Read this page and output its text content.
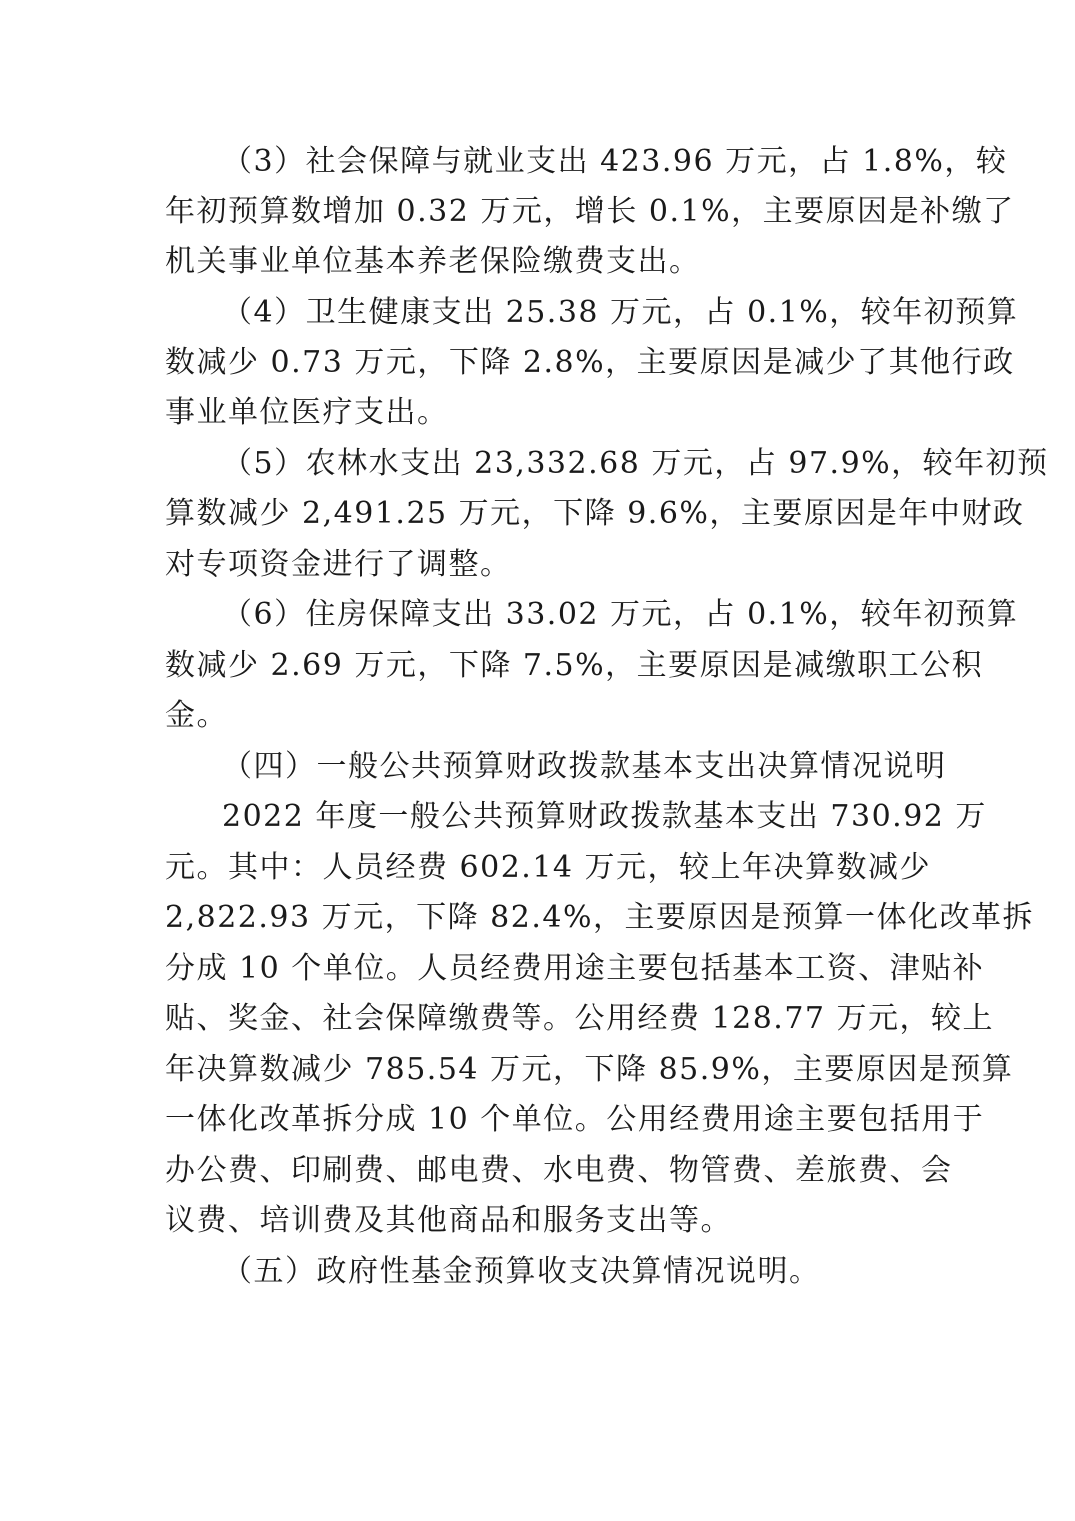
（3）社会保障与就业支出 423.96 万元，占 1.8%，较
年初预算数增加 0.32 万元，增长 0.1%，主要原因是补缴了
机关事业单位基本养老保险缴费支出。
（4）卫生健康支出 25.38 万元，占 0.1%，较年初预算
数减少 0.73 万元，下降 2.8%，主要原因是减少了其他行政
事业单位医疗支出。
（5）农林水支出 23,332.68 万元，占 97.9%，较年初预
算数减少 2,491.25 万元，下降 9.6%，主要原因是年中财政
对专项资金进行了调整。
（6）住房保障支出 33.02 万元，占 0.1%，较年初预算
数减少 2.69 万元，下降 7.5%，主要原因是减缴职工公积
金。
（四）一般公共预算财政拨款基本支出决算情况说明
2022 年度一般公共预算财政拨款基本支出 730.92 万
元。其中：人员经费 602.14 万元，较上年决算数减少
2,822.93 万元，下降 82.4%，主要原因是预算一体化改革拆
分成 10 个单位。人员经费用途主要包括基本工资、津贴补
贴、奖金、社会保障缴费等。公用经费 128.77 万元，较上
年决算数减少 785.54 万元，下降 85.9%，主要原因是预算
一体化改革拆分成 10 个单位。公用经费用途主要包括用于
办公费、印刷费、邮电费、水电费、物管费、差旅费、会
议费、培训费及其他商品和服务支出等。
（五）政府性基金预算收支决算情况说明。
